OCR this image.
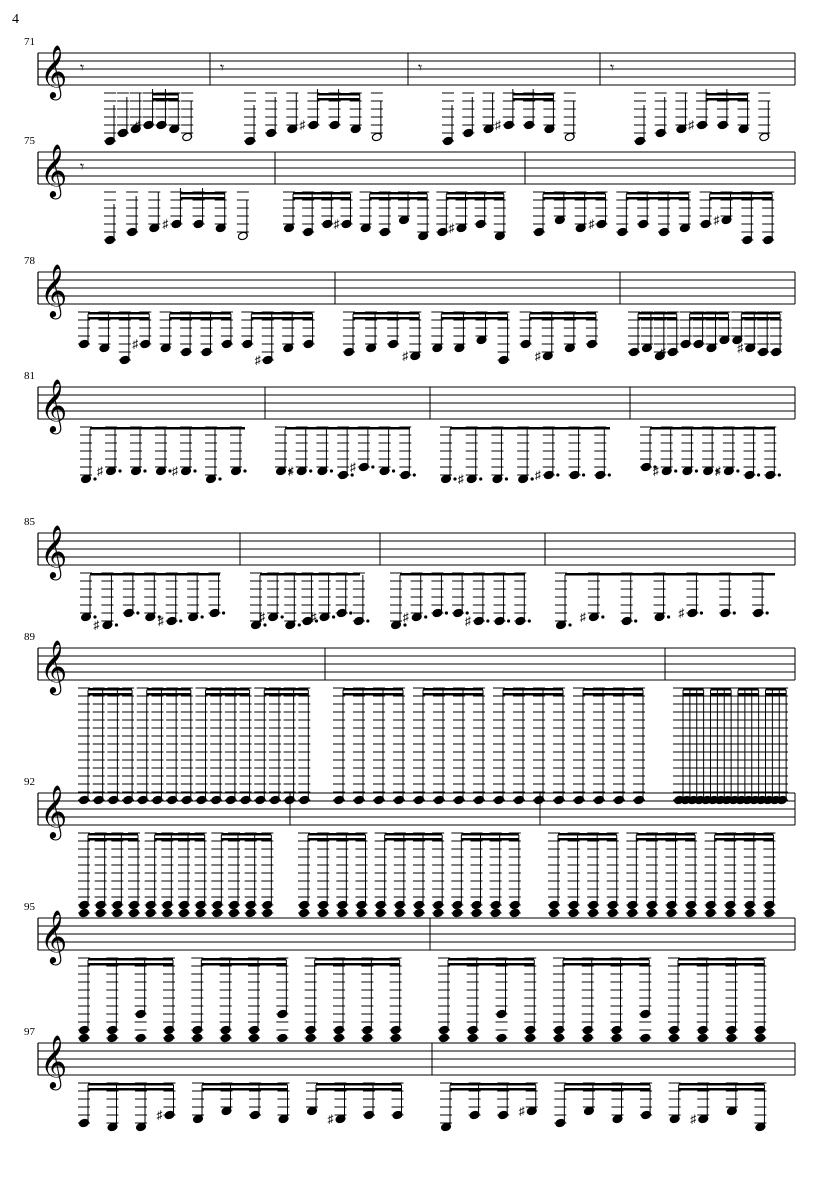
4
71
𝄞 𝄾
♯
𝄾
♯
𝄾
♯
𝄾
♯
75
𝄞 𝄾
♯	♯	♯	♯	♯
78
𝄞
♯
♯	♯	♯	♯	♯
81
𝄞
♯	♯	♯	♯
♯	♯	♯	♯
85
𝄞
♯	♯	♯	♯	♯	♯	♯	♯
89
𝄞
92
𝄞
95
𝄞
97
𝄞
♯	♯
♯
♯
